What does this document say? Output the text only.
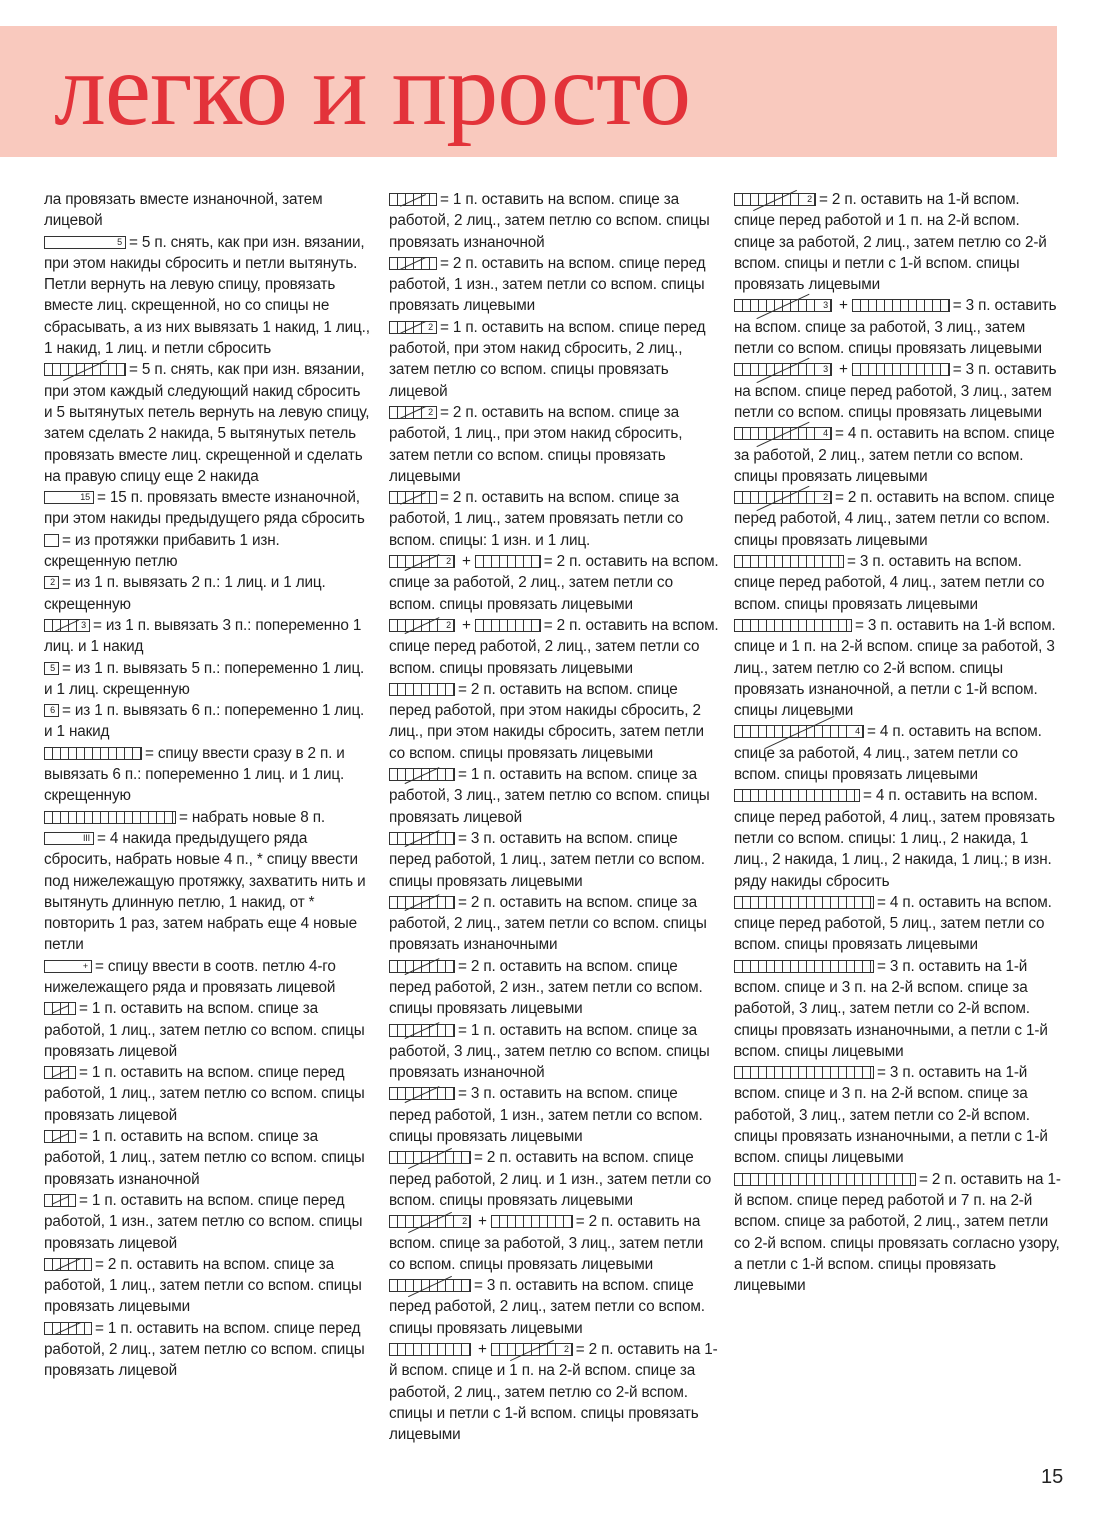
легко и просто

ла провязать вместе изнаночной, затем лицевой

5 = 5 п. снять, как при изн. вязании, при этом накиды сбросить и петли вытянуть. Петли вернуть на левую спицу, провязать вместе лиц. скрещенной, но со спицы не сбрасывать, а из них вывязать 1 накид, 1 лиц., 1 накид, 1 лиц. и петли сбросить

= 5 п. снять, как при изн. вязании, при этом каждый следующий накид сбросить и 5 вытянутых петель вернуть на левую спицу, затем сделать 2 накида, 5 вытянутых петель провязать вместе лиц. скрещенной и сделать на правую спицу еще 2 накида

15 = 15 п. провязать вместе изнаночной, при этом накиды предыдущего ряда сбросить

= из протяжки прибавить 1 изн. скрещенную петлю

2 = из 1 п. вывязать 2 п.: 1 лиц. и 1 лиц. скрещенную

3 = из 1 п. вывязать 3 п.: попеременно 1 лиц. и 1 накид

5 = из 1 п. вывязать 5 п.: попеременно 1 лиц. и 1 лиц. скрещенную

6 = из 1 п. вывязать 6 п.: попеременно 1 лиц. и 1 накид

= спицу ввести сразу в 2 п. и вывязать 6 п.: попеременно 1 лиц. и 1 лиц. скрещенную

= набрать новые 8 п.

III = 4 накида предыдущего ряда сбросить, набрать новые 4 п., * спицу ввести под нижележащую протяжку, захватить нить и вытянуть длинную петлю, 1 накид, от * повторить 1 раз, затем набрать еще 4 новые петли

+ = спицу ввести в соотв. петлю 4-го нижележащего ряда и провязать лицевой

= 1 п. оставить на вспом. спице за работой, 1 лиц., затем петлю со вспом. спицы провязать лицевой

= 1 п. оставить на вспом. спице перед работой, 1 лиц., затем петлю со вспом. спицы провязать лицевой

= 1 п. оставить на вспом. спице за работой, 1 лиц., затем петлю со вспом. спицы провязать изнаночной

= 1 п. оставить на вспом. спице перед работой, 1 изн., затем петлю со вспом. спицы провязать лицевой

= 2 п. оставить на вспом. спице за работой, 1 лиц., затем петли со вспом. спицы провязать лицевыми

= 1 п. оставить на вспом. спице перед работой, 2 лиц., затем петлю со вспом. спицы провязать лицевой

= 1 п. оставить на вспом. спице за работой, 2 лиц., затем петлю со вспом. спицы провязать изнаночной

= 2 п. оставить на вспом. спице перед работой, 1 изн., затем петли со вспом. спицы провязать лицевыми

2 = 1 п. оставить на вспом. спице перед работой, при этом накид сбросить, 2 лиц., затем петлю со вспом. спицы провязать лицевой

2 = 2 п. оставить на вспом. спице за работой, 1 лиц., при этом накид сбросить, затем петли со вспом. спицы провязать лицевыми

= 2 п. оставить на вспом. спице за работой, 1 лиц., затем провязать петли со вспом. спицы: 1 изн. и 1 лиц.

2 +	= 2 п. оставить на вспом. спице за работой, 2 лиц., затем петли со вспом. спицы провязать лицевыми

2 +	= 2 п. оставить на вспом. спице перед работой, 2 лиц., затем петли со вспом. спицы провязать лицевыми

= 2 п. оставить на вспом. спице перед работой, при этом накиды сбросить, 2 лиц., при этом накиды сбросить, затем петли со вспом. спицы провязать лицевыми

= 1 п. оставить на вспом. спице за работой, 3 лиц., затем петлю со вспом. спицы провязать лицевой

= 3 п. оставить на вспом. спице перед работой, 1 лиц., затем петли со вспом. спицы провязать лицевыми

= 2 п. оставить на вспом. спице за работой, 2 лиц., затем петли со вспом. спицы провязать изнаночными

= 2 п. оставить на вспом. спице перед работой, 2 изн., затем петли со вспом. спицы провязать лицевыми

= 1 п. оставить на вспом. спице за работой, 3 лиц., затем петлю со вспом. спицы провязать изнаночной

= 3 п. оставить на вспом. спице перед работой, 1 изн., затем петли со вспом. спицы провязать лицевыми

= 2 п. оставить на вспом. спице перед работой, 2 лиц. и 1 изн., затем петли со вспом. спицы провязать лицевыми

2 +	= 2 п. оставить на вспом. спице за работой, 3 лиц., затем петли со вспом. спицы провязать лицевыми

= 3 п. оставить на вспом. спице перед работой, 2 лиц., затем петли со вспом. спицы провязать лицевыми

+	2 = 2 п. оставить на 1-й вспом. спице и 1 п. на 2-й вспом. спице за работой, 2 лиц., затем петлю со 2-й вспом. спицы и петли с 1-й вспом. спицы провязать лицевыми

2 = 2 п. оставить на 1-й вспом. спице перед работой и 1 п. на 2-й вспом. спице за работой, 2 лиц., затем петлю со 2-й вспом. спицы и петли с 1-й вспом. спицы провязать лицевыми

3 +	= 3 п. оставить на вспом. спице за работой, 3 лиц., затем петли со вспом. спицы провязать лицевыми

3 +	= 3 п. оставить на вспом. спице перед работой, 3 лиц., затем петли со вспом. спицы провязать лицевыми

4 = 4 п. оставить на вспом. спице за работой, 2 лиц., затем петли со вспом. спицы провязать лицевыми

2 = 2 п. оставить на вспом. спице перед работой, 4 лиц., затем петли со вспом. спицы провязать лицевыми

= 3 п. оставить на вспом. спице перед работой, 4 лиц., затем петли со вспом. спицы провязать лицевыми

= 3 п. оставить на 1-й вспом. спице и 1 п. на 2-й вспом. спице за работой, 3 лиц., затем петлю со 2-й вспом. спицы провязать изнаночной, а петли с 1-й вспом. спицы лицевыми

4 = 4 п. оставить на вспом. спице за работой, 4 лиц., затем петли со вспом. спицы провязать лицевыми

= 4 п. оставить на вспом. спице перед работой, 4 лиц., затем провязать петли со вспом. спицы: 1 лиц., 2 накида, 1 лиц., 2 накида, 1 лиц., 2 накида, 1 лиц.; в изн. ряду накиды сбросить

= 4 п. оставить на вспом. спице перед работой, 5 лиц., затем петли со вспом. спицы провязать лицевыми

= 3 п. оставить на 1-й вспом. спице и 3 п. на 2-й вспом. спице за работой, 3 лиц., затем петли со 2-й вспом. спицы провязать изнаночными, а петли с 1-й вспом. спицы лицевыми

= 3 п. оставить на 1-й вспом. спице и 3 п. на 2-й вспом. спице за работой, 3 лиц., затем петли со 2-й вспом. спицы провязать изнаночными, а петли с 1-й вспом. спицы лицевыми

= 2 п. оставить на 1-й вспом. спице перед работой и 7 п. на 2-й вспом. спице за работой, 2 лиц., затем петли со 2-й вспом. спицы провязать согласно узору, а петли с 1-й вспом. спицы провязать лицевыми

15
